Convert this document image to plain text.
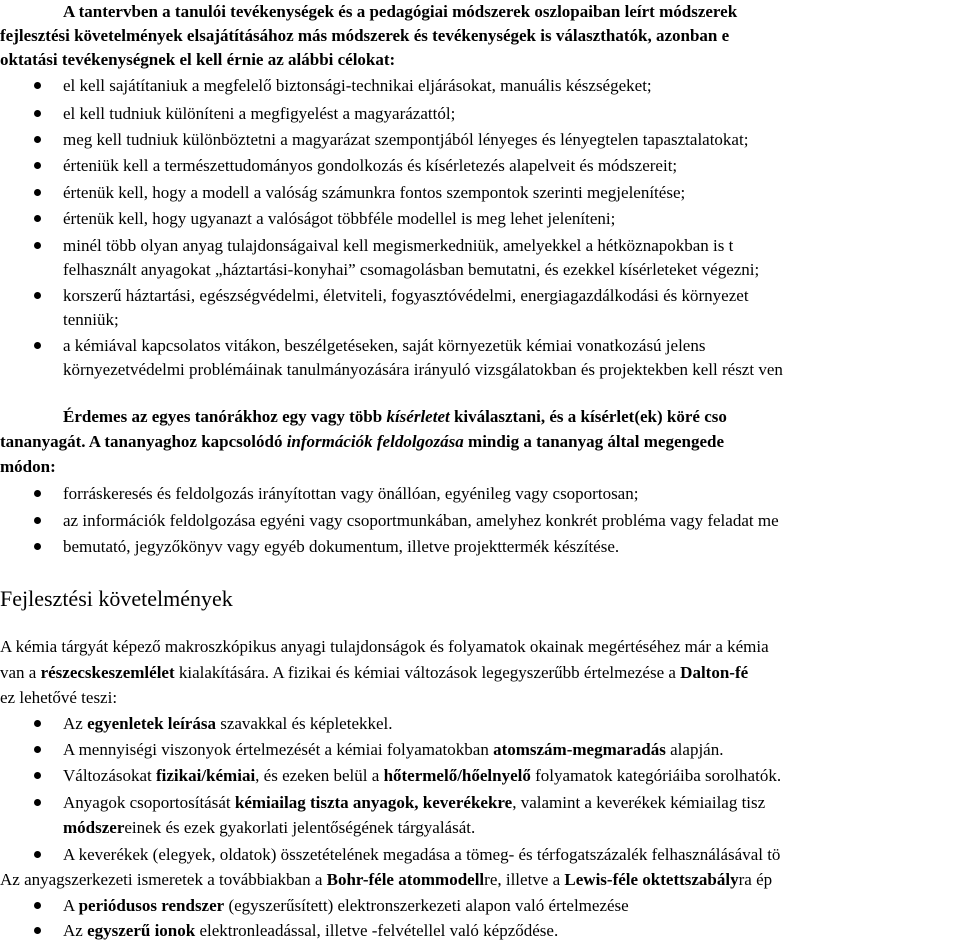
A tantervben a tanulói tevékenységek és a pedagógiai módszerek oszlopaiban leírt módszerek
fejlesztési követelmények elsajátításához más módszerek és tevékenységek is választhatók, azonban e
oktatási tevékenységnek el kell érnie az alábbi célokat:
el kell sajátítaniuk a megfelelő biztonsági-technikai eljárásokat, manuális készségeket;
el kell tudniuk különíteni a megfigyelést a magyarázattól;
meg kell tudniuk különböztetni a magyarázat szempontjából lényeges és lényegtelen tapasztalatokat;
érteniük kell a természettudományos gondolkozás és kísérletezés alapelveit és módszereit;
értenük kell, hogy a modell a valóság számunkra fontos szempontok szerinti megjelenítése;
értenük kell, hogy ugyanazt a valóságot többféle modellel is meg lehet jeleníteni;
minél több olyan anyag tulajdonságaival kell megismerkedniük, amelyekkel a hétköznapokban is t
felhasznált anyagokat „háztartási-konyhai” csomagolásban bemutatni, és ezekkel kísérleteket végezni;
korszerű háztartási, egészségvédelmi, életviteli, fogyasztóvédelmi, energiagazdálkodási és környezet
tenniük;
a kémiával kapcsolatos vitákon, beszélgetéseken, saját környezetük kémiai vonatkozású jelens
környezetvédelmi problémáinak tanulmányozására irányuló vizsgálatokban és projektekben kell részt ven
Érdemes az egyes tanórákhoz egy vagy több kísérletet kiválasztani, és a kísérlet(ek) köré cso
tananyagát. A tananyaghoz kapcsolódó információk feldolgozása mindig a tananyag által megengede
módon:
forráskeresés és feldolgozás irányítottan vagy önállóan, egyénileg vagy csoportosan;
az információk feldolgozása egyéni vagy csoportmunkában, amelyhez konkrét probléma vagy feladat me
bemutató, jegyzőkönyv vagy egyéb dokumentum, illetve projekttermék készítése.
Fejlesztési követelmények
A kémia tárgyát képező makroszkópikus anyagi tulajdonságok és folyamatok okainak megértéséhez már a kémia
van a részecskeszemlélet kialakítására. A fizikai és kémiai változások legegyszerűbb értelmezése a Dalton-fé
ez lehetővé teszi:
Az egyenletek leírása szavakkal és képletekkel.
A mennyiségi viszonyok értelmezését a kémiai folyamatokban atomszám-megmaradás alapján.
Változásokat fizikai/kémiai, és ezeken belül a hőtermelő/hőelnyelő folyamatok kategóriáiba sorolhatók.
Anyagok csoportosítását kémiailag tiszta anyagok, keverékekre, valamint a keverékek kémiailag tisz
módszereinek és ezek gyakorlati jelentőségének tárgyalását.
A keverékek (elegyek, oldatok) összetételének megadása a tömeg- és térfogatszázalék felhasználásával tö
Az anyagszerkezeti ismeretek a továbbiakban a Bohr-féle atommodellre, illetve a Lewis-féle oktettszabályra ép
A periódusos rendszer (egyszerűsített) elektronszerkezeti alapon való értelmezése
Az egyszerű ionok elektronleadással, illetve -felvétellel való képződése.
